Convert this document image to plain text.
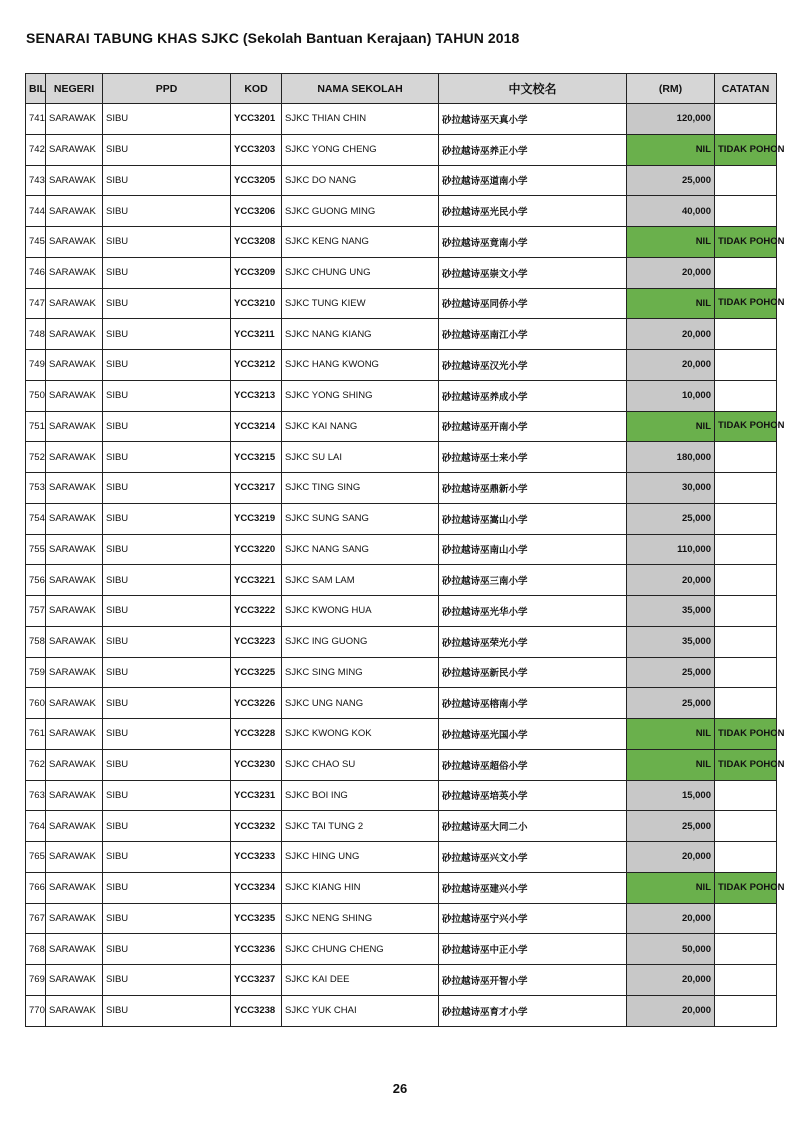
SENARAI TABUNG KHAS SJKC (Sekolah Bantuan Kerajaan) TAHUN 2018
BIL	NEGERI	PPD	KOD	NAMA SEKOLAH	中文校名	(RM)	CATATAN
741	SARAWAK	SIBU	YCC3201	SJKC THIAN CHIN	砂拉越诗巫天真小学	120,000	
742	SARAWAK	SIBU	YCC3203	SJKC YONG CHENG	砂拉越诗巫养正小学	NIL	TIDAK POHON
743	SARAWAK	SIBU	YCC3205	SJKC DO NANG	砂拉越诗巫道南小学	25,000	
744	SARAWAK	SIBU	YCC3206	SJKC GUONG MING	砂拉越诗巫光民小学	40,000	
745	SARAWAK	SIBU	YCC3208	SJKC KENG NANG	砂拉越诗巫竟南小学	NIL	TIDAK POHON
746	SARAWAK	SIBU	YCC3209	SJKC CHUNG UNG	砂拉越诗巫崇文小学	20,000	
747	SARAWAK	SIBU	YCC3210	SJKC TUNG KIEW	砂拉越诗巫同侨小学	NIL	TIDAK POHON
748	SARAWAK	SIBU	YCC3211	SJKC NANG KIANG	砂拉越诗巫南江小学	20,000	
749	SARAWAK	SIBU	YCC3212	SJKC HANG KWONG	砂拉越诗巫汉光小学	20,000	
750	SARAWAK	SIBU	YCC3213	SJKC YONG SHING	砂拉越诗巫养成小学	10,000	
751	SARAWAK	SIBU	YCC3214	SJKC KAI NANG	砂拉越诗巫开南小学	NIL	TIDAK POHON
752	SARAWAK	SIBU	YCC3215	SJKC SU LAI	砂拉越诗巫士来小学	180,000	
753	SARAWAK	SIBU	YCC3217	SJKC TING SING	砂拉越诗巫鼎新小学	30,000	
754	SARAWAK	SIBU	YCC3219	SJKC SUNG SANG	砂拉越诗巫嵩山小学	25,000	
755	SARAWAK	SIBU	YCC3220	SJKC NANG SANG	砂拉越诗巫南山小学	110,000	
756	SARAWAK	SIBU	YCC3221	SJKC SAM LAM	砂拉越诗巫三南小学	20,000	
757	SARAWAK	SIBU	YCC3222	SJKC KWONG HUA	砂拉越诗巫光华小学	35,000	
758	SARAWAK	SIBU	YCC3223	SJKC ING GUONG	砂拉越诗巫荣光小学	35,000	
759	SARAWAK	SIBU	YCC3225	SJKC SING MING	砂拉越诗巫新民小学	25,000	
760	SARAWAK	SIBU	YCC3226	SJKC UNG NANG	砂拉越诗巫榕南小学	25,000	
761	SARAWAK	SIBU	YCC3228	SJKC KWONG KOK	砂拉越诗巫光国小学	NIL	TIDAK POHON
762	SARAWAK	SIBU	YCC3230	SJKC CHAO SU	砂拉越诗巫超俗小学	NIL	TIDAK POHON
763	SARAWAK	SIBU	YCC3231	SJKC BOI ING	砂拉越诗巫培英小学	15,000	
764	SARAWAK	SIBU	YCC3232	SJKC TAI TUNG 2	砂拉越诗巫大同二小	25,000	
765	SARAWAK	SIBU	YCC3233	SJKC HING UNG	砂拉越诗巫兴文小学	20,000	
766	SARAWAK	SIBU	YCC3234	SJKC KIANG HIN	砂拉越诗巫建兴小学	NIL	TIDAK POHON
767	SARAWAK	SIBU	YCC3235	SJKC NENG SHING	砂拉越诗巫宁兴小学	20,000	
768	SARAWAK	SIBU	YCC3236	SJKC CHUNG CHENG	砂拉越诗巫中正小学	50,000	
769	SARAWAK	SIBU	YCC3237	SJKC KAI DEE	砂拉越诗巫开智小学	20,000	
770	SARAWAK	SIBU	YCC3238	SJKC YUK CHAI	砂拉越诗巫育才小学	20,000	
26
